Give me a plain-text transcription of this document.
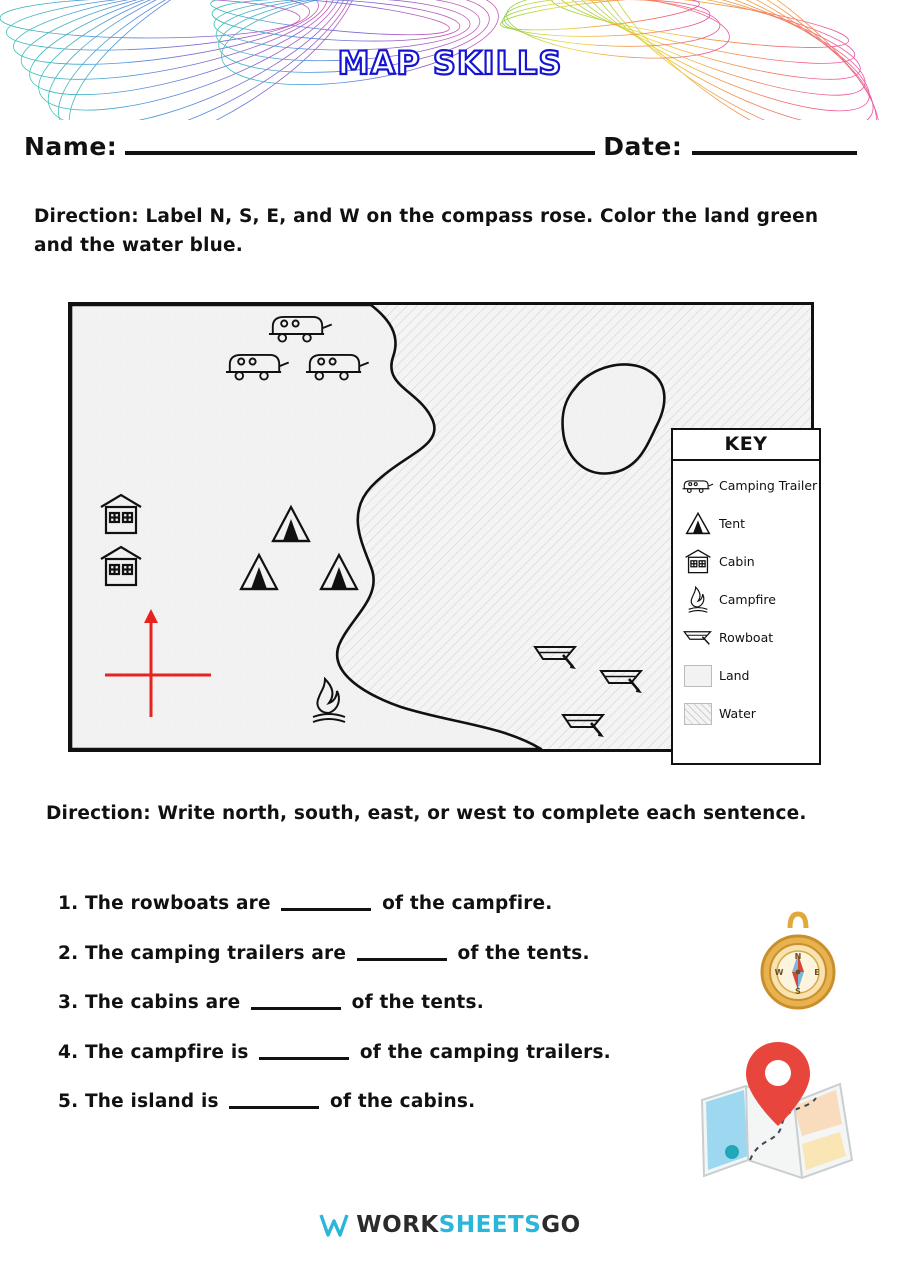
MAP SKILLS
Name:	Date:
Direction: Label N, S, E, and W on the compass rose. Color the land green and the water blue.
KEY
Camping Trailer
Tent
Cabin
Campfire
Rowboat
Land
Water
Direction: Write north, south, east, or west to complete each sentence.
1. The rowboats are	of the campfire.
2. The camping trailers are	of the tents.
3. The cabins are	of the tents.
4. The campfire is	of the camping trailers.
5. The island is	of the cabins.
N
S
E
W
WORKSHEETSGO
